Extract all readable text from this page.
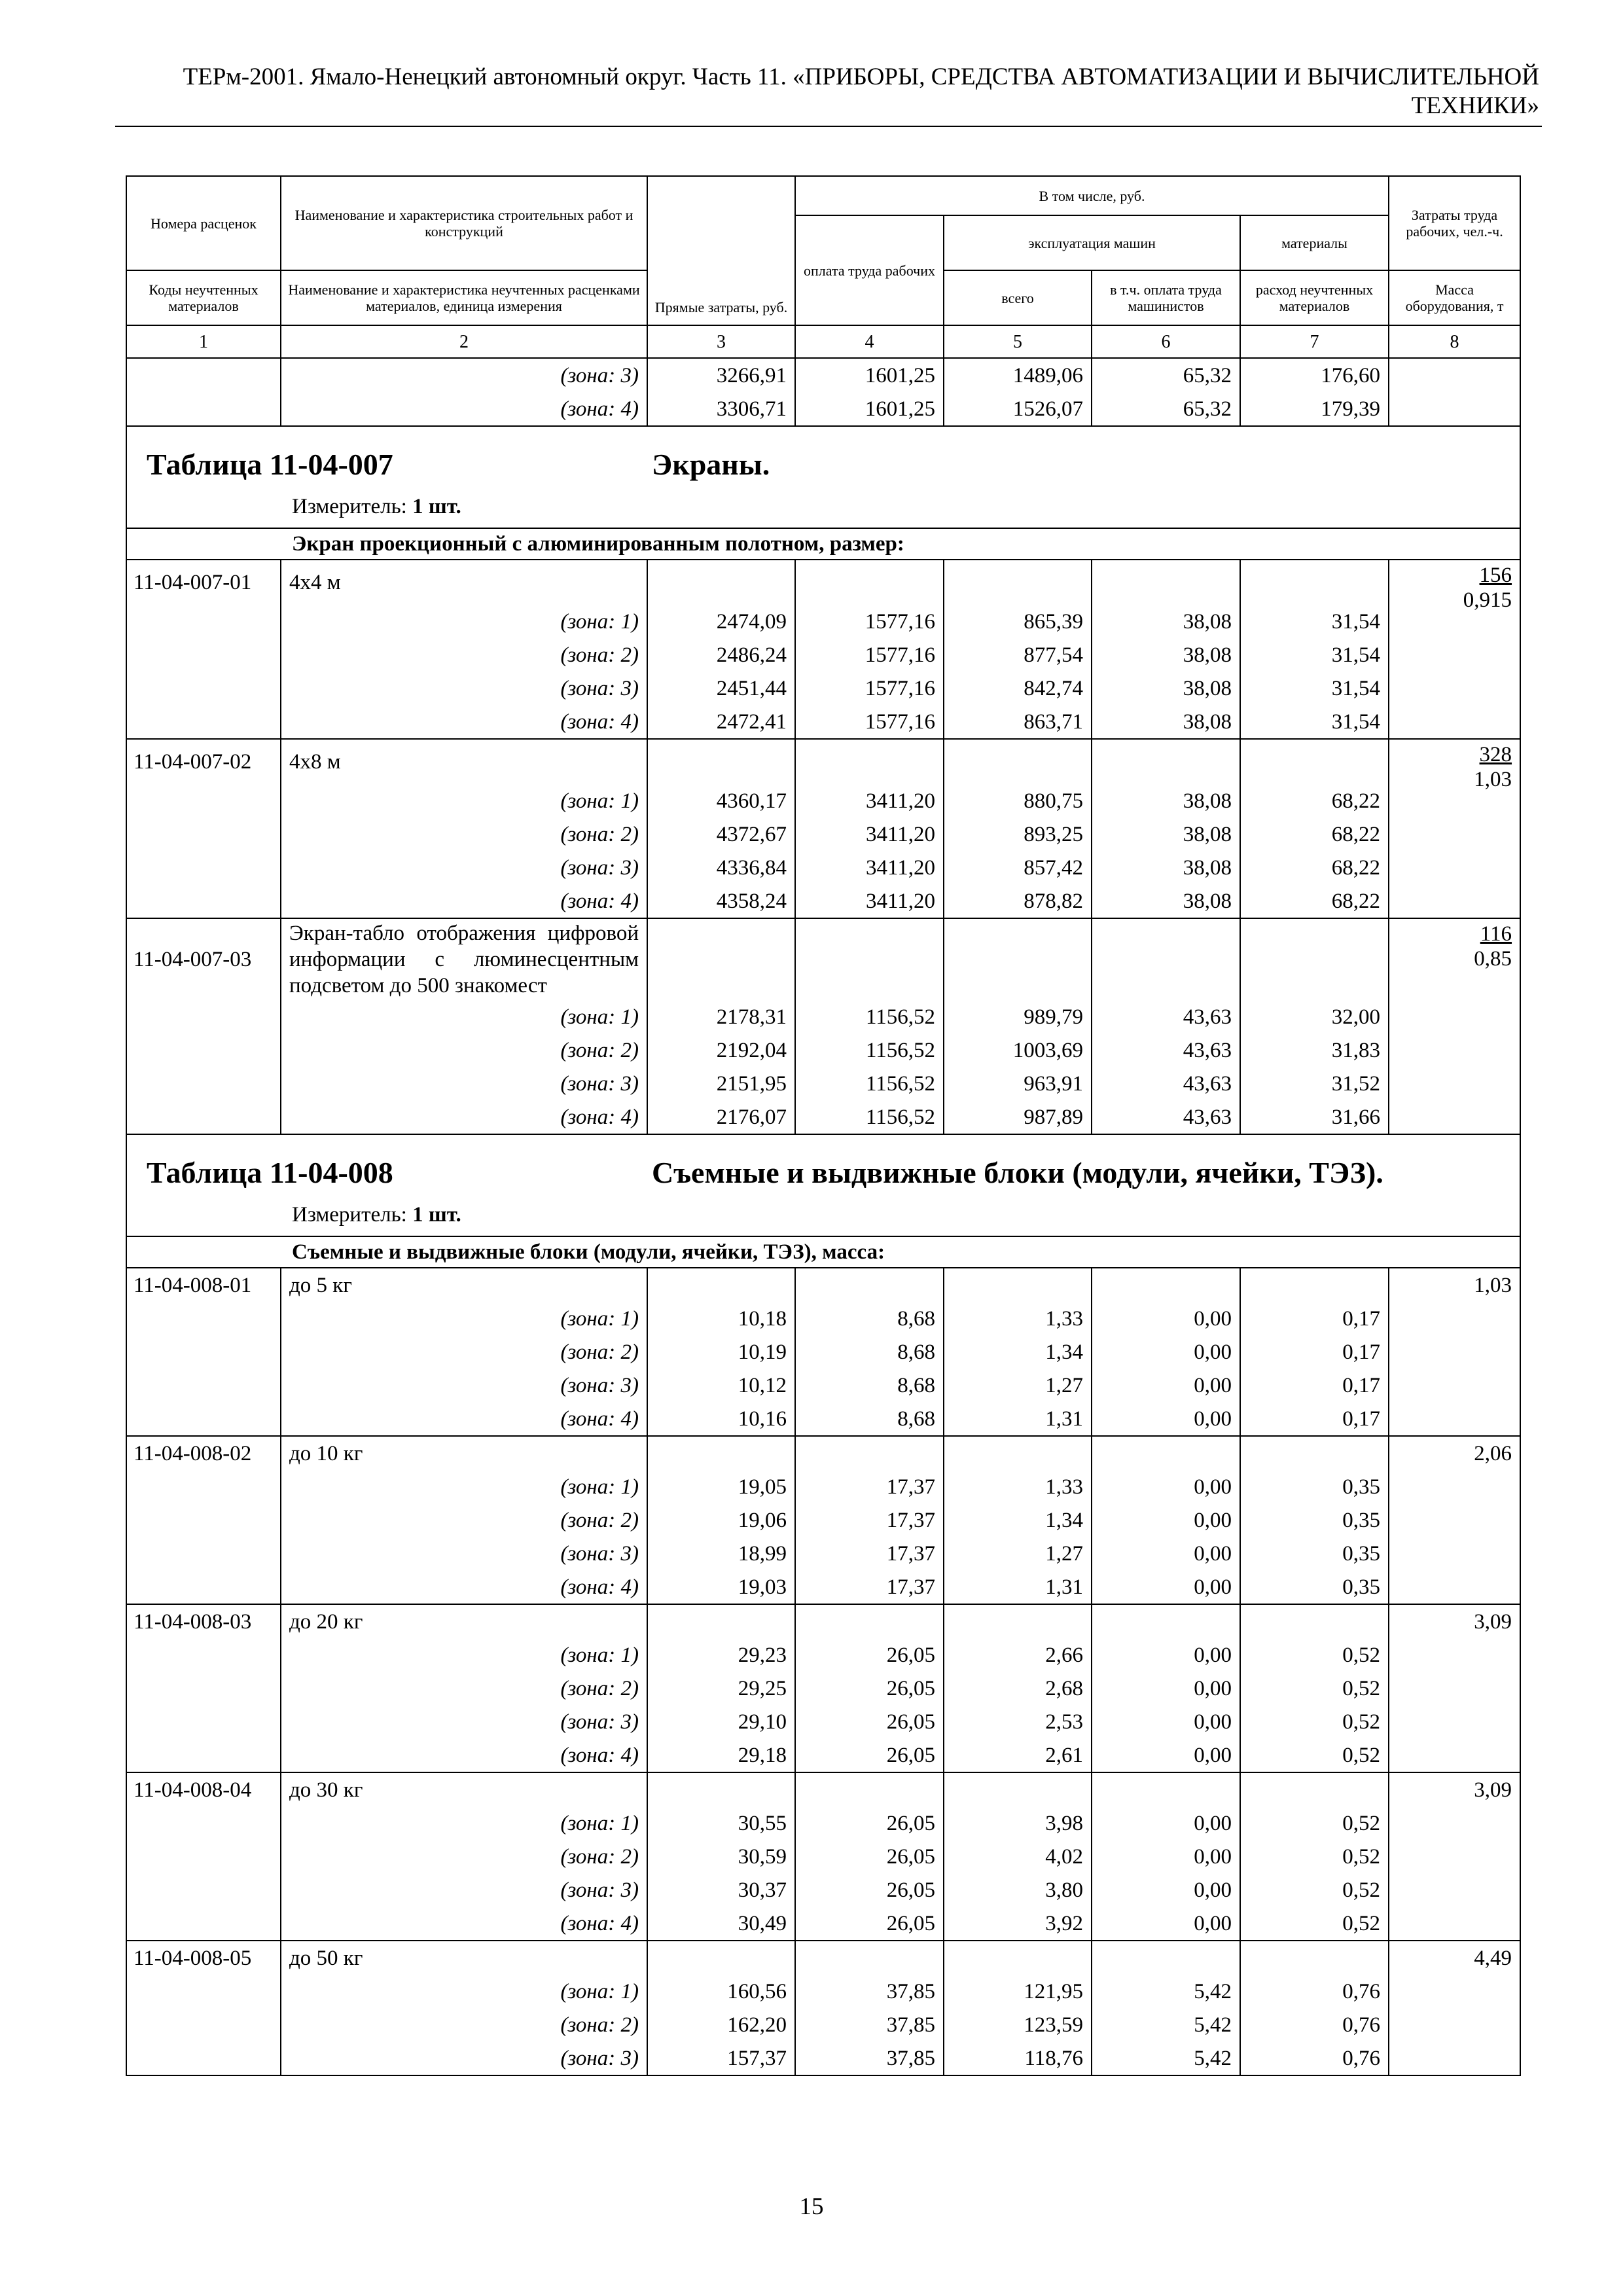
ТЕРм-2001. Ямало-Ненецкий автономный округ. Часть 11. «ПРИБОРЫ, СРЕДСТВА АВТОМАТИЗАЦИИ И ВЫЧИСЛИТЕЛЬНОЙ
ТЕХНИКИ»
Номера расценок	Наименование и характеристика строительных работ и конструкций	Прямые затраты, руб.	В том числе, руб.				Затраты труда рабочих, чел.-ч.
			оплата труда рабочих	эксплуатация машин		материалы	
Коды неучтенных материалов	Наименование и характеристика неучтенных расценками материалов, единица измерения			всего	в т.ч. оплата труда машинистов	расход неучтенных материалов	Масса оборудования, т
1	2	3	4	5	6	7	8
	(зона: 3)	3266,91	1601,25	1489,06	65,32	176,60	
	(зона: 4)	3306,71	1601,25	1526,07	65,32	179,39	

Таблица 11-04-007 Экраны.
Измеритель: 1 шт.							

Экран проекционный с алюминированным полотном, размер:							

11-04-007-01	4х4 м						$\frac{156}{0,915}$

	(зона: 1)	2474,09	1577,16	865,39	38,08	31,54	
	(зона: 2)	2486,24	1577,16	877,54	38,08	31,54	
	(зона: 3)	2451,44	1577,16	842,74	38,08	31,54	
	(зона: 4)	2472,41	1577,16	863,71	38,08	31,54	
11-04-007-02	4х8 м						$\frac{328}{1,03}$

	(зона: 1)	4360,17	3411,20	880,75	38,08	68,22	
	(зона: 2)	4372,67	3411,20	893,25	38,08	68,22	
	(зона: 3)	4336,84	3411,20	857,42	38,08	68,22	
	(зона: 4)	4358,24	3411,20	878,82	38,08	68,22	
11-04-007-03	Экран-табло отображения цифровой информации с люминесцентным подсветом до 500 знакомест						$\frac{116}{0,85}$

	(зона: 1)	2178,31	1156,52	989,79	43,63	32,00	
	(зона: 2)	2192,04	1156,52	1003,69	43,63	31,83	
	(зона: 3)	2151,95	1156,52	963,91	43,63	31,52	
	(зона: 4)	2176,07	1156,52	987,89	43,63	31,66	

Таблица 11-04-008 Съемные и выдвижные блоки (модули, ячейки, ТЭЗ).
Измеритель: 1 шт.							

Съемные и выдвижные блоки (модули, ячейки, ТЭЗ), масса:							

11-04-008-01	до 5 кг						1,03
	(зона: 1)	10,18	8,68	1,33	0,00	0,17	
	(зона: 2)	10,19	8,68	1,34	0,00	0,17	
	(зона: 3)	10,12	8,68	1,27	0,00	0,17	
	(зона: 4)	10,16	8,68	1,31	0,00	0,17	
11-04-008-02	до 10 кг						2,06
	(зона: 1)	19,05	17,37	1,33	0,00	0,35	
	(зона: 2)	19,06	17,37	1,34	0,00	0,35	
	(зона: 3)	18,99	17,37	1,27	0,00	0,35	
	(зона: 4)	19,03	17,37	1,31	0,00	0,35	
11-04-008-03	до 20 кг						3,09
	(зона: 1)	29,23	26,05	2,66	0,00	0,52	
	(зона: 2)	29,25	26,05	2,68	0,00	0,52	
	(зона: 3)	29,10	26,05	2,53	0,00	0,52	
	(зона: 4)	29,18	26,05	2,61	0,00	0,52	
11-04-008-04	до 30 кг						3,09
	(зона: 1)	30,55	26,05	3,98	0,00	0,52	
	(зона: 2)	30,59	26,05	4,02	0,00	0,52	
	(зона: 3)	30,37	26,05	3,80	0,00	0,52	
	(зона: 4)	30,49	26,05	3,92	0,00	0,52	
11-04-008-05	до 50 кг						4,49
	(зона: 1)	160,56	37,85	121,95	5,42	0,76	
	(зона: 2)	162,20	37,85	123,59	5,42	0,76	
	(зона: 3)	157,37	37,85	118,76	5,42	0,76	
15
